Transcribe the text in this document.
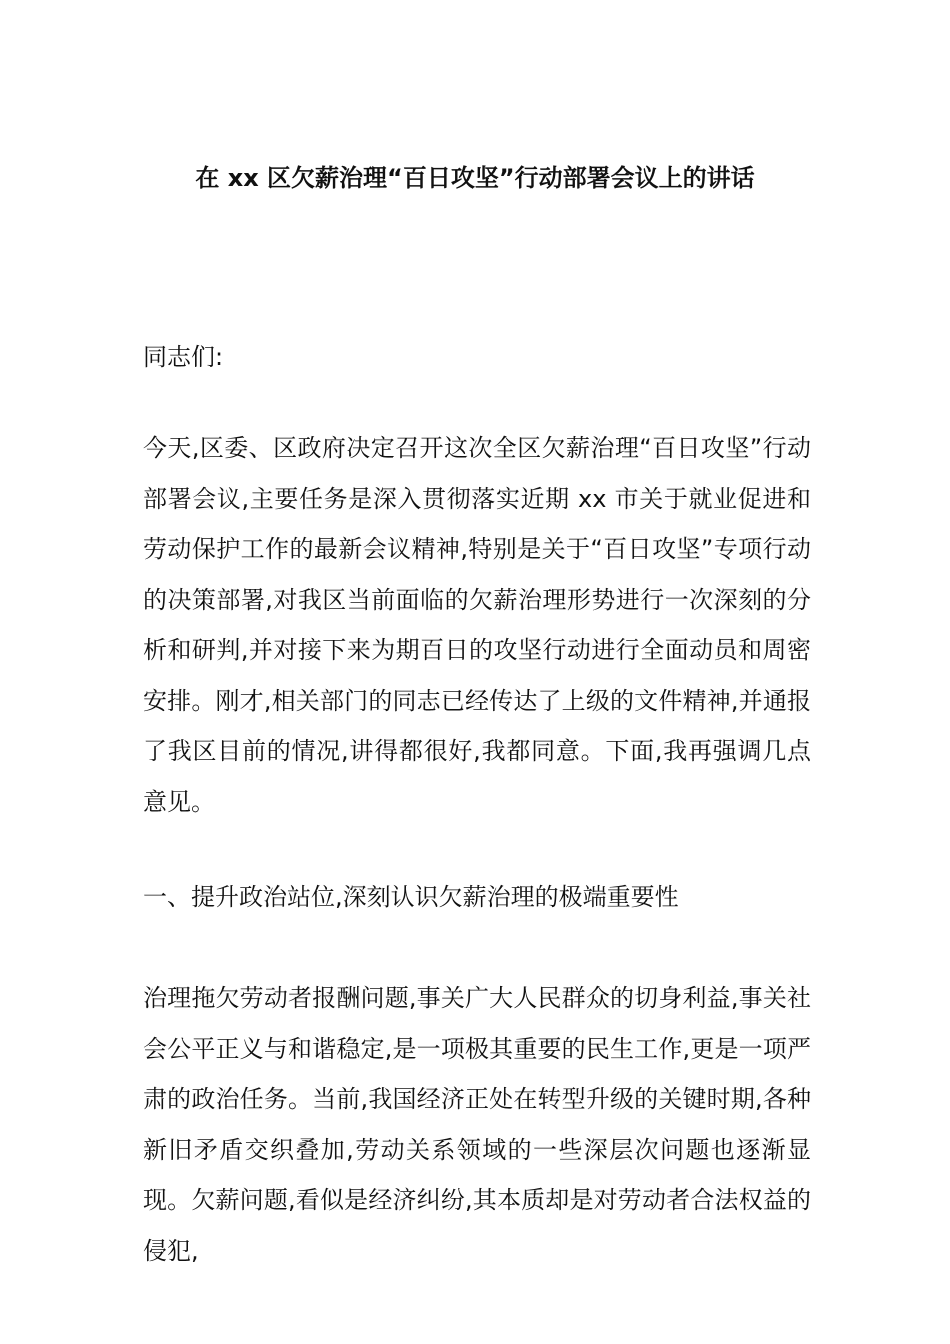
在 xx 区欠薪治理“百日攻坚”行动部署会议上的讲话
同志们:
今天,区委、区政府决定召开这次全区欠薪治理“百日攻坚”行动部署会议,主要任务是深入贯彻落实近期 xx 市关于就业促进和劳动保护工作的最新会议精神,特别是关于“百日攻坚”专项行动的决策部署,对我区当前面临的欠薪治理形势进行一次深刻的分析和研判,并对接下来为期百日的攻坚行动进行全面动员和周密安排。刚才,相关部门的同志已经传达了上级的文件精神,并通报了我区目前的情况,讲得都很好,我都同意。下面,我再强调几点意见。
一、提升政治站位,深刻认识欠薪治理的极端重要性
治理拖欠劳动者报酬问题,事关广大人民群众的切身利益,事关社会公平正义与和谐稳定,是一项极其重要的民生工作,更是一项严肃的政治任务。当前,我国经济正处在转型升级的关键时期,各种新旧矛盾交织叠加,劳动关系领域的一些深层次问题也逐渐显现。欠薪问题,看似是经济纠纷,其本质却是对劳动者合法权益的侵犯,
